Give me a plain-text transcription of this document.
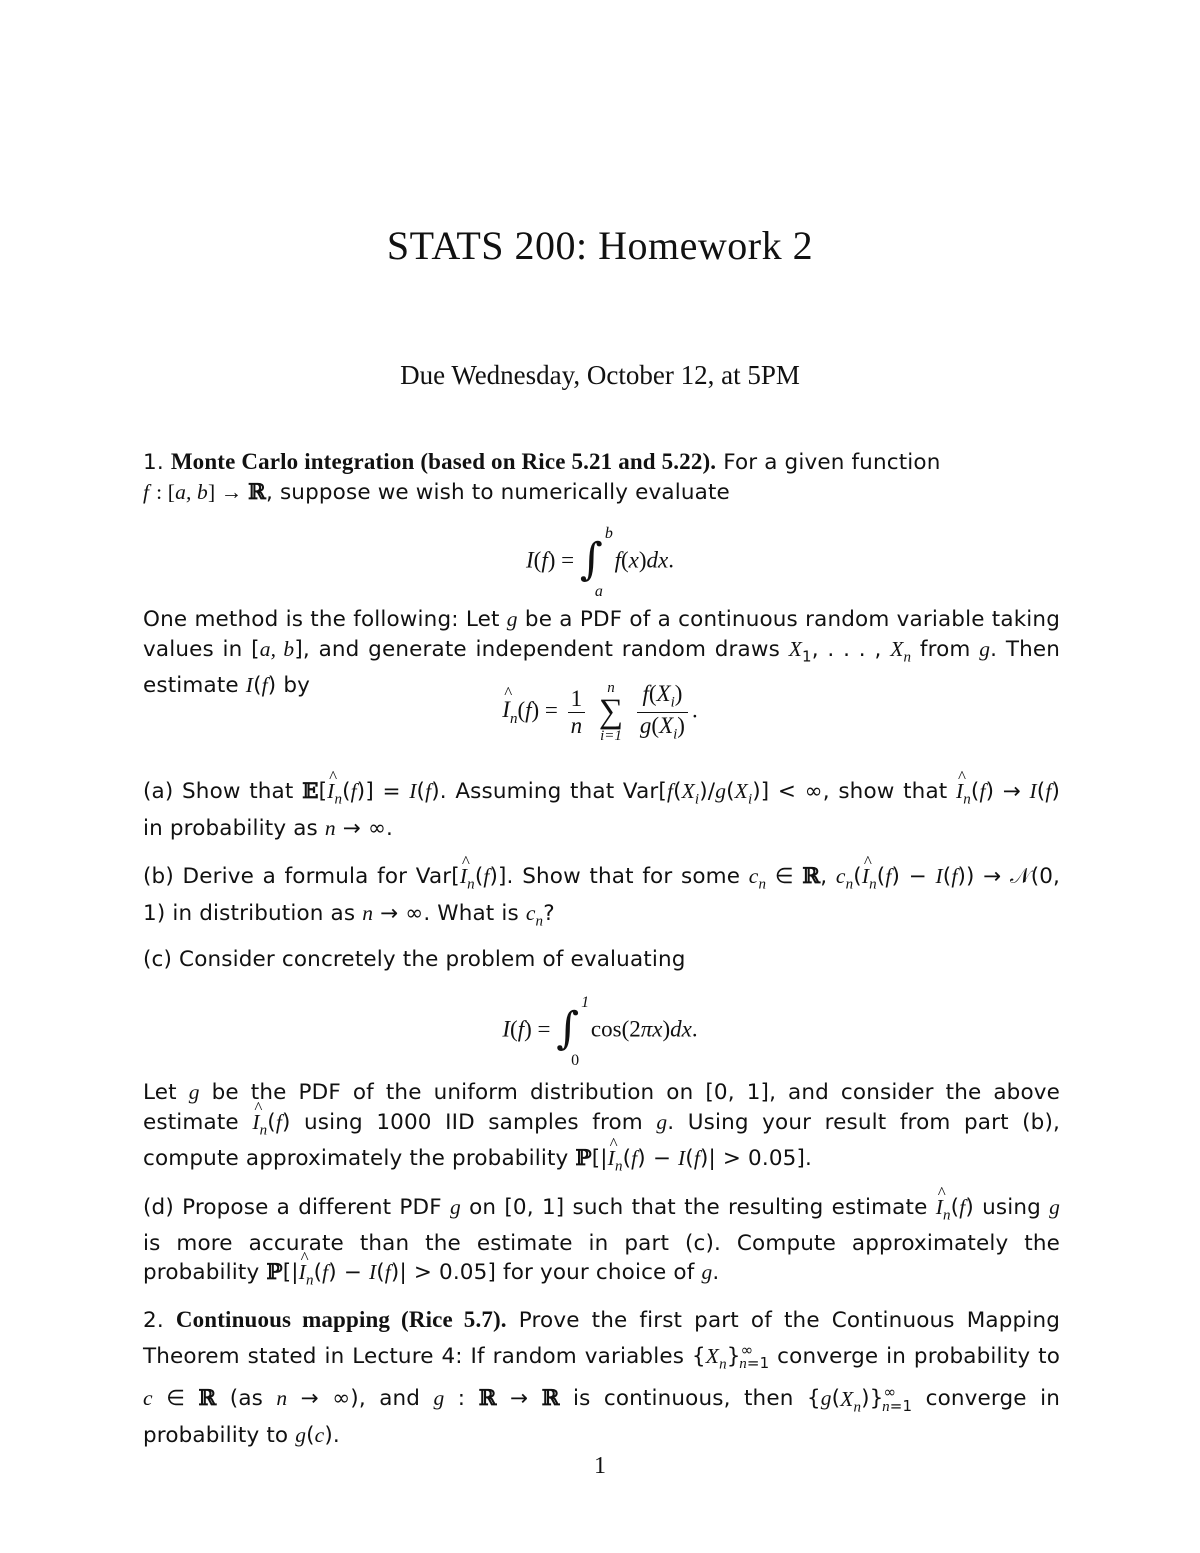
STATS 200: Homework 2
Due Wednesday, October 12, at 5PM
1. Monte Carlo integration (based on Rice 5.21 and 5.22). For a given function
f : [a, b] → ℝ, suppose we wish to numerically evaluate
I(f) = ∫ b
a
f(x)dx.
One method is the following: Let g be a PDF of a continuous random variable taking values in [a, b], and generate independent random draws $X_1$, . . . , $X_n$ from g. Then estimate I(f) by
^ $I_n(f) = \frac{1}{n}$
	n
∑
i=1
$\frac{f(X_i)}{g(X_i)}$ .
(a) Show that 𝔼[^ $I_n(f)] = I(f)$. Assuming that $Var[f(X_i)/g(X_i)]$ < ∞, show that ^ $I_n(f) \to I(f)$ in probability as n → ∞.
(b) Derive a formula for Var[^ $I_n(f)$]. Show that for some $c_n$ ∈ ℝ, $c_n(\^{}$ $I_n(f) - I(f)$) → 𝒩(0, 1) in distribution as n → ∞. What is $c_n$?
(c) Consider concretely the problem of evaluating
I(f) = ∫ 1
0
cos(2πx)dx.
Let g be the PDF of the uniform distribution on [0, 1], and consider the above estimate ^ $I_n(f)$ using 1000 IID samples from g. Using your result from part (b), compute approximately the probability ℙ[|^ $I_n(f) - I(f)| > 0.05$].
(d) Propose a different PDF g on [0, 1] such that the resulting estimate ^ $I_n(f)$ using g is more accurate than the estimate in part (c). Compute approximately the probability ℙ[|^ $I_n(f) - I(f)| > 0.05$] for your choice of g.
2. Continuous mapping (Rice 5.7). Prove the first part of the Continuous Mapping Theorem stated in Lecture 4: If random variables $\{X_n\}^\infty_{n=1}$ converge in probability to c ∈ ℝ (as n → ∞), and g : ℝ → ℝ is continuous, then $\{g(X_n)\}^\infty_{n=1}$ converge in probability to g(c).
1
